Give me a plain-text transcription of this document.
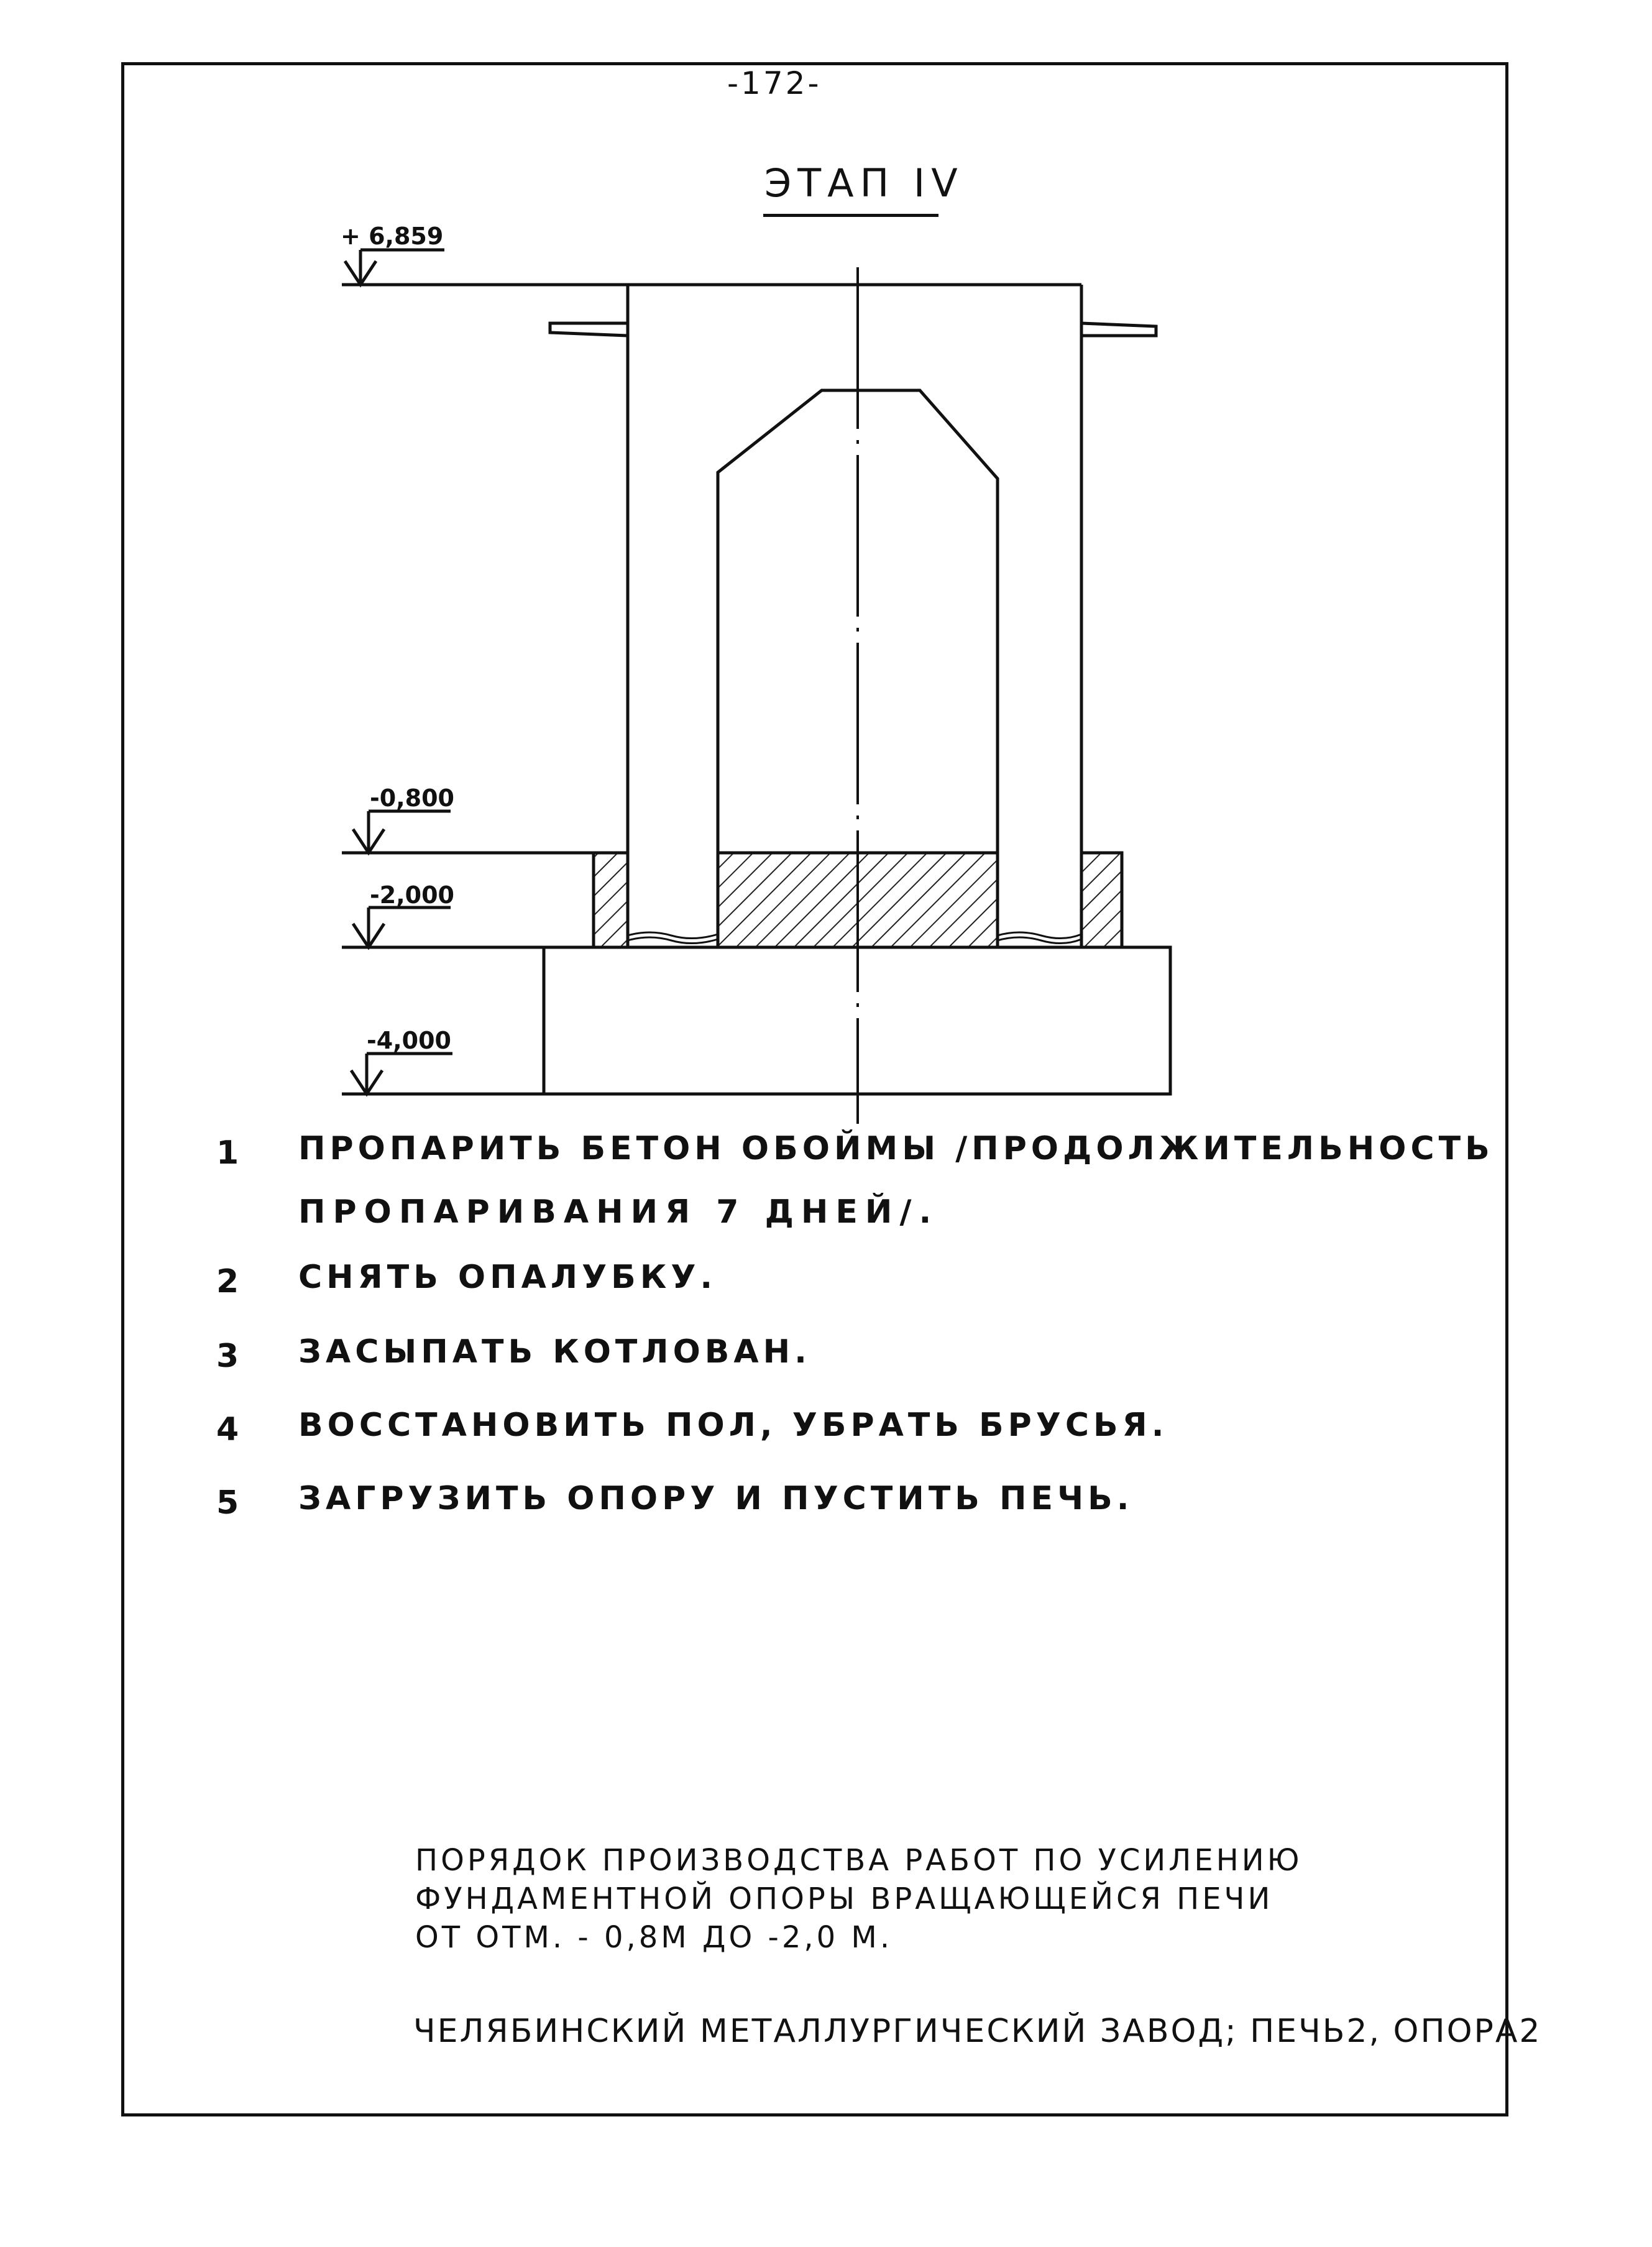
-172-
ЭТАП IV
+ 6,859
-0,800
-2,000
-4,000
1 ПРОПАРИТЬ БЕТОН ОБОЙМЫ /ПРОДОЛЖИТЕЛЬНОСТЬ
ПРОПАРИВАНИЯ 7 ДНЕЙ/.
2 СНЯТЬ ОПАЛУБКУ.
3 ЗАСЫПАТЬ КОТЛОВАН.
4 ВОССТАНОВИТЬ ПОЛ, УБРАТЬ БРУСЬЯ.
5 ЗАГРУЗИТЬ ОПОРУ И ПУСТИТЬ ПЕЧЬ.
ПОРЯДОК ПРОИЗВОДСТВА РАБОТ ПО УСИЛЕНИЮ
ФУНДАМЕНТНОЙ ОПОРЫ ВРАЩАЮЩЕЙСЯ ПЕЧИ
ОТ ОТМ. - 0,8М ДО -2,0 М.
ЧЕЛЯБИНСКИЙ МЕТАЛЛУРГИЧЕСКИЙ ЗАВОД; ПЕЧЬ2, ОПОРА2
